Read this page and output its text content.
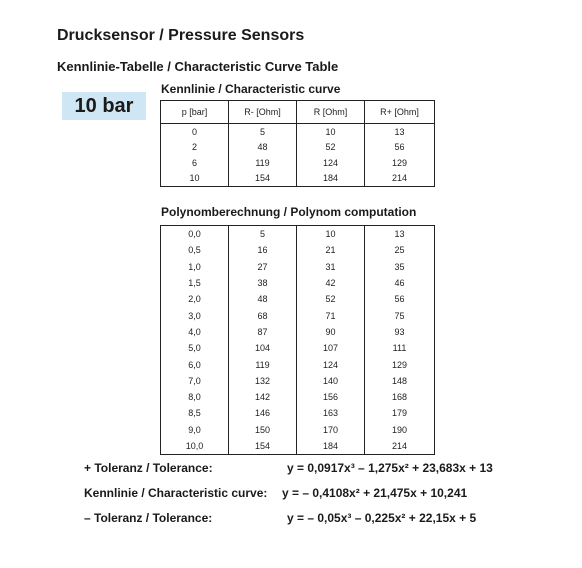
Drucksensor / Pressure Sensors
Kennlinie-Tabelle / Characteristic Curve Table
10 bar
Kennlinie / Characteristic curve
p [bar]	R- [Ohm]	R [Ohm]	R+ [Ohm]
0	5	10	13
2	48	52	56
6	119	124	129
10	154	184	214
Polynomberechnung / Polynom computation
0,0	5	10	13
0,5	16	21	25
1,0	27	31	35
1,5	38	42	46
2,0	48	52	56
3,0	68	71	75
4,0	87	90	93
5,0	104	107	111
6,0	119	124	129
7,0	132	140	148
8,0	142	156	168
8,5	146	163	179
9,0	150	170	190
10,0	154	184	214
+ Toleranz / Tolerance:	y = 0,0917x³ – 1,275x² + 23,683x + 13
Kennlinie / Characteristic curve: y = – 0,4108x² + 21,475x + 10,241
– Toleranz / Tolerance:	y = – 0,05x³ – 0,225x² + 22,15x + 5
